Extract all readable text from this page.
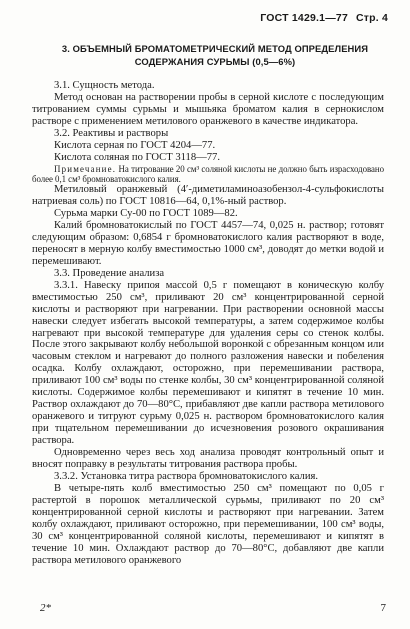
ГОСТ 1429.1—77 Стр. 4
3. ОБЪЕМНЫЙ БРОМАТОМЕТРИЧЕСКИЙ МЕТОД ОПРЕДЕЛЕНИЯ СОДЕРЖАНИЯ СУРЬМЫ (0,5—6%)

3.1. Сущность метода.

Метод основан на растворении пробы в серной кислоте с последующим титрованием суммы сурьмы и мышьяка броматом калия в сернокислом растворе с применением метилового оранжевого в качестве индикатора.

3.2. Реактивы и растворы

Кислота серная по ГОСТ 4204—77.

Кислота соляная по ГОСТ 3118—77.

Примечание. На титрование 20 см³ соляной кислоты не должно быть израсходовано более 0,1 см³ бромноватокислого калия.

Метиловый оранжевый (4′-диметиламиноазобензол-4-сульфокислоты натриевая соль) по ГОСТ 10816—64, 0,1%-ный раствор.

Сурьма марки Су-00 по ГОСТ 1089—82.

Калий бромноватокислый по ГОСТ 4457—74, 0,025 н. раствор; готовят следующим образом: 0,6854 г бромноватокислого калия растворяют в воде, переносят в мерную колбу вместимостью 1000 см³, доводят до метки водой и перемешивают.

3.3. Проведение анализа

3.3.1. Навеску припоя массой 0,5 г помещают в коническую колбу вместимостью 250 см³, приливают 20 см³ концентрированной серной кислоты и растворяют при нагревании. При растворении основной массы навески следует избегать высокой температуры, а затем содержимое колбы нагревают при высокой температуре для удаления серы со стенок колбы. После этого закрывают колбу небольшой воронкой с обрезанным концом или часовым стеклом и нагревают до полного разложения навески и побеления осадка. Колбу охлаждают, осторожно, при перемешивании раствора, приливают 100 см³ воды по стенке колбы, 30 см³ концентрированной соляной кислоты. Содержимое колбы перемешивают и кипятят в течение 10 мин. Раствор охлаждают до 70—80°С, прибавляют две капли раствора метилового оранжевого и титруют сурьму 0,025 н. раствором бромноватокислого калия при тщательном перемешивании до исчезновения розового окрашивания раствора.

Одновременно через весь ход анализа проводят контрольный опыт и вносят поправку в результаты титрования раствора пробы.

3.3.2. Установка титра раствора бромноватокислого калия.

В четыре-пять колб вместимостью 250 см³ помещают по 0,05 г растертой в порошок металлической сурьмы, приливают по 20 см³ концентрированной серной кислоты и растворяют при нагревании. Затем колбу охлаждают, приливают осторожно, при перемешивании, 100 см³ воды, 30 см³ концентрированной соляной кислоты, перемешивают и кипятят в течение 10 мин. Охлаждают раствор до 70—80°С, добавляют две капли раствора метилового оранжевого

2*	7
